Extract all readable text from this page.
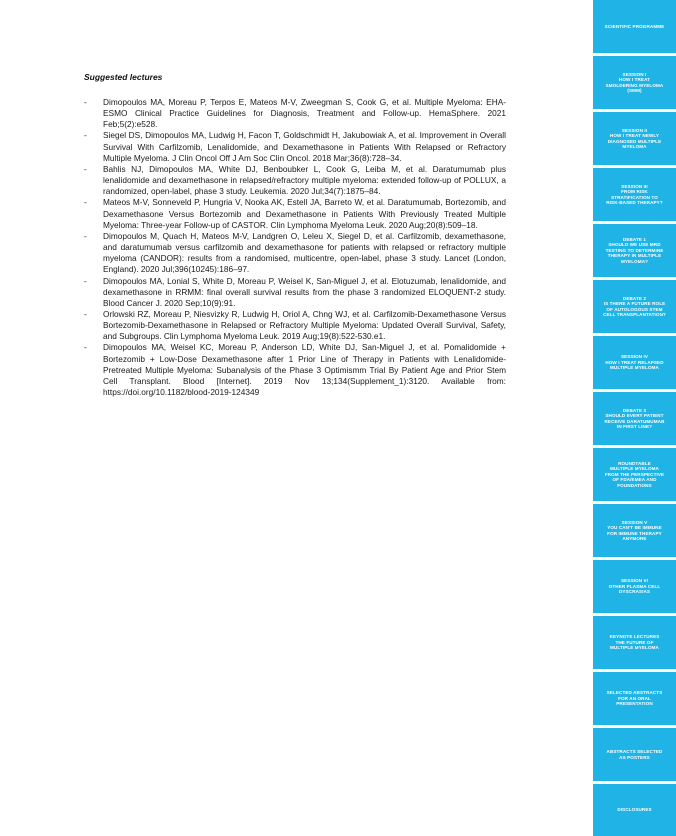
Suggested lectures
- Dimopoulos MA, Moreau P, Terpos E, Mateos M-V, Zweegman S, Cook G, et al. Multiple Myeloma: EHA-ESMO Clinical Practice Guidelines for Diagnosis, Treatment and Follow-up. HemaSphere. 2021 Feb;5(2):e528.
- Siegel DS, Dimopoulos MA, Ludwig H, Facon T, Goldschmidt H, Jakubowiak A, et al. Improvement in Overall Survival With Carfilzomib, Lenalidomide, and Dexamethasone in Patients With Relapsed or Refractory Multiple Myeloma. J Clin Oncol Off J Am Soc Clin Oncol. 2018 Mar;36(8):728–34.
- Bahlis NJ, Dimopoulos MA, White DJ, Benboubker L, Cook G, Leiba M, et al. Daratumumab plus lenalidomide and dexamethasone in relapsed/refractory multiple myeloma: extended follow-up of POLLUX, a randomized, open-label, phase 3 study. Leukemia. 2020 Jul;34(7):1875–84.
- Mateos M-V, Sonneveld P, Hungria V, Nooka AK, Estell JA, Barreto W, et al. Daratumumab, Bortezomib, and Dexamethasone Versus Bortezomib and Dexamethasone in Patients With Previously Treated Multiple Myeloma: Three-year Follow-up of CASTOR. Clin Lymphoma Myeloma Leuk. 2020 Aug;20(8):509–18.
- Dimopoulos M, Quach H, Mateos M-V, Landgren O, Leleu X, Siegel D, et al. Carfilzomib, dexamethasone, and daratumumab versus carfilzomib and dexamethasone for patients with relapsed or refractory multiple myeloma (CANDOR): results from a randomised, multicentre, open-label, phase 3 study. Lancet (London, England). 2020 Jul;396(10245):186–97.
- Dimopoulos MA, Lonial S, White D, Moreau P, Weisel K, San-Miguel J, et al. Elotuzumab, lenalidomide, and dexamethasone in RRMM: final overall survival results from the phase 3 randomized ELOQUENT-2 study. Blood Cancer J. 2020 Sep;10(9):91.
- Orlowski RZ, Moreau P, Niesvizky R, Ludwig H, Oriol A, Chng WJ, et al. Carfilzomib-Dexamethasone Versus Bortezomib-Dexamethasone in Relapsed or Refractory Multiple Myeloma: Updated Overall Survival, Safety, and Subgroups. Clin Lymphoma Myeloma Leuk. 2019 Aug;19(8):522-530.e1.
- Dimopoulos MA, Weisel KC, Moreau P, Anderson LD, White DJ, San-Miguel J, et al. Pomalidomide + Bortezomib + Low-Dose Dexamethasone after 1 Prior Line of Therapy in Patients with Lenalidomide-Pretreated Multiple Myeloma: Subanalysis of the Phase 3 Optimismm Trial By Patient Age and Prior Stem Cell Transplant. Blood [Internet]. 2019 Nov 13;134(Supplement_1):3120. Available from: https://doi.org/10.1182/blood-2019-124349
SCIENTIFIC PROGRAMME
SESSION I
HOW I TREAT
SMOLDERING MYELOMA
(SMM)
SESSION II
HOW I TREAT NEWLY
DIAGNOSED MULTIPLE
MYELOMA
SESSION III
FROM RISK
STRATIFICATION TO
RISK-BASED THERAPY?
DEBATE 1
SHOULD WE USE MRD
TESTING TO DETERMINE
THERAPY IN MULTIPLE
MYELOMA?
DEBATE 2
IS THERE A FUTURE ROLE
OF AUTOLOGOUS STEM
CELL TRANSPLANTATION?
SESSION IV
HOW I TREAT RELAPSED
MULTIPLE MYELOMA
DEBATE 3
SHOULD EVERY PATIENT
RECEIVE DARATUMUMAB
IN FIRST LINE?
ROUNDTABLE
MULTIPLE MYELOMA
FROM THE PERSPECTIVE
OF FDA/EMEA AND
FOUNDATIONS
SESSION V
YOU CAN'T BE IMMUNE
FOR IMMUNE THERAPY
ANYMORE
SESSION VI
OTHER PLASMA CELL
DYSCRASIAS
KEYNOTE LECTURES
THE FUTURE OF
MULTIPLE MYELOMA
SELECTED ABSTRACTS
FOR AN ORAL
PRESENTATION
ABSTRACTS SELECTED
AS POSTERS
DISCLOSURES
